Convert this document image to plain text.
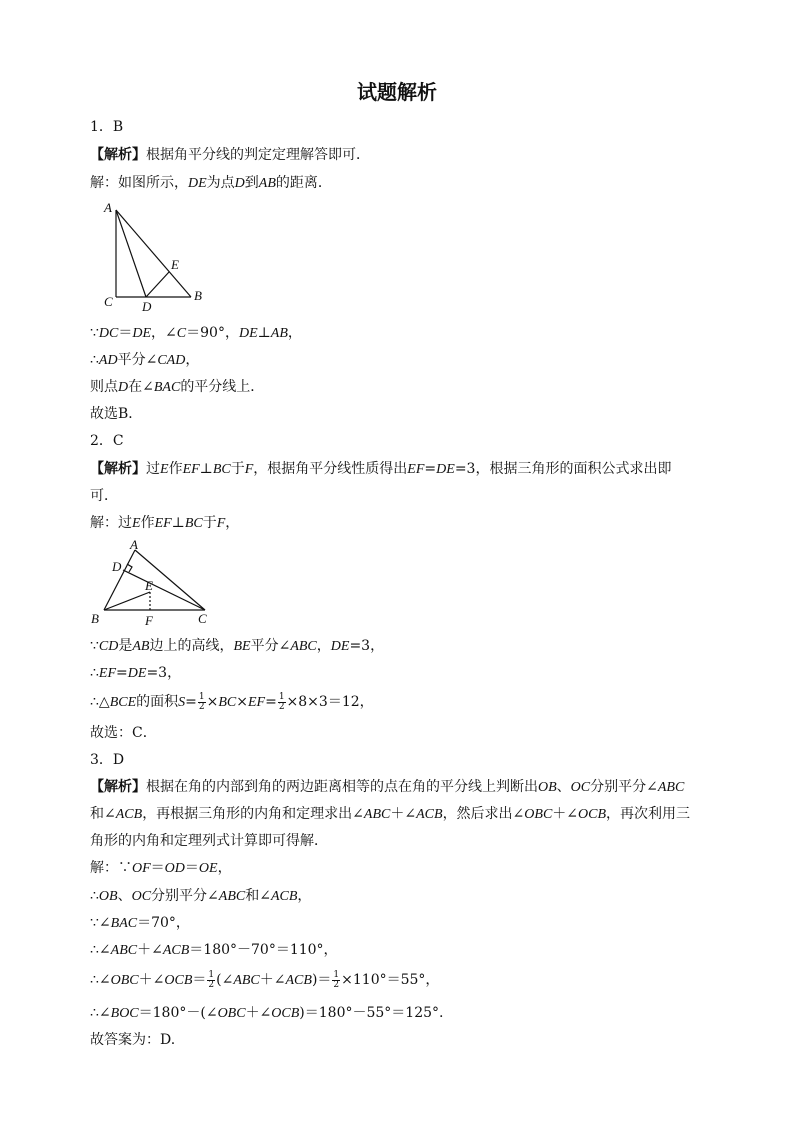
试题解析
1．B
【解析】根据角平分线的判定定理解答即可．
解：如图所示，DE为点D到AB的距离．
A
E
C D
B
∵DC＝DE，∠C＝90°，DE⊥AB，
∴AD平分∠CAD，
则点D在∠BAC的平分线上．
故选B．
2．C
【解析】过E作EF⊥BC于F，根据角平分线性质得出EF=DE=3，根据三角形的面积公式求出即
可．
解：过E作EF⊥BC于F，
A
D
E
B	F	C
∵CD是AB边上的高线，BE平分∠ABC，DE=3，
∴EF=DE=3，
∴△BCE的面积$S= \frac{1}{2} \times BC\times EF= \frac{1}{2} \times 8\times 3=12$，
故选：C．
3．D
【解析】根据在角的内部到角的两边距离相等的点在角的平分线上判断出OB、OC分别平分∠ABC
和∠ACB，再根据三角形的内角和定理求出∠ABC＋∠ACB，然后求出∠OBC＋∠OCB，再次利用三
角形的内角和定理列式计算即可得解．
解：∵OF＝OD＝OE，
∴OB、OC分别平分∠ABC和∠ACB，
∵∠BAC＝70°，
∴∠ABC＋∠ACB＝180°－70°＝110°，
∴∠OBC＋∠OCB＝ $\frac{1}{2}$ (∠ABC＋∠ACB)＝ $\frac{1}{2} \times 110^\circ=55^\circ$，
∴∠BOC＝180°－(∠OBC＋∠OCB)＝180°－55°＝125°.
故答案为：D.
